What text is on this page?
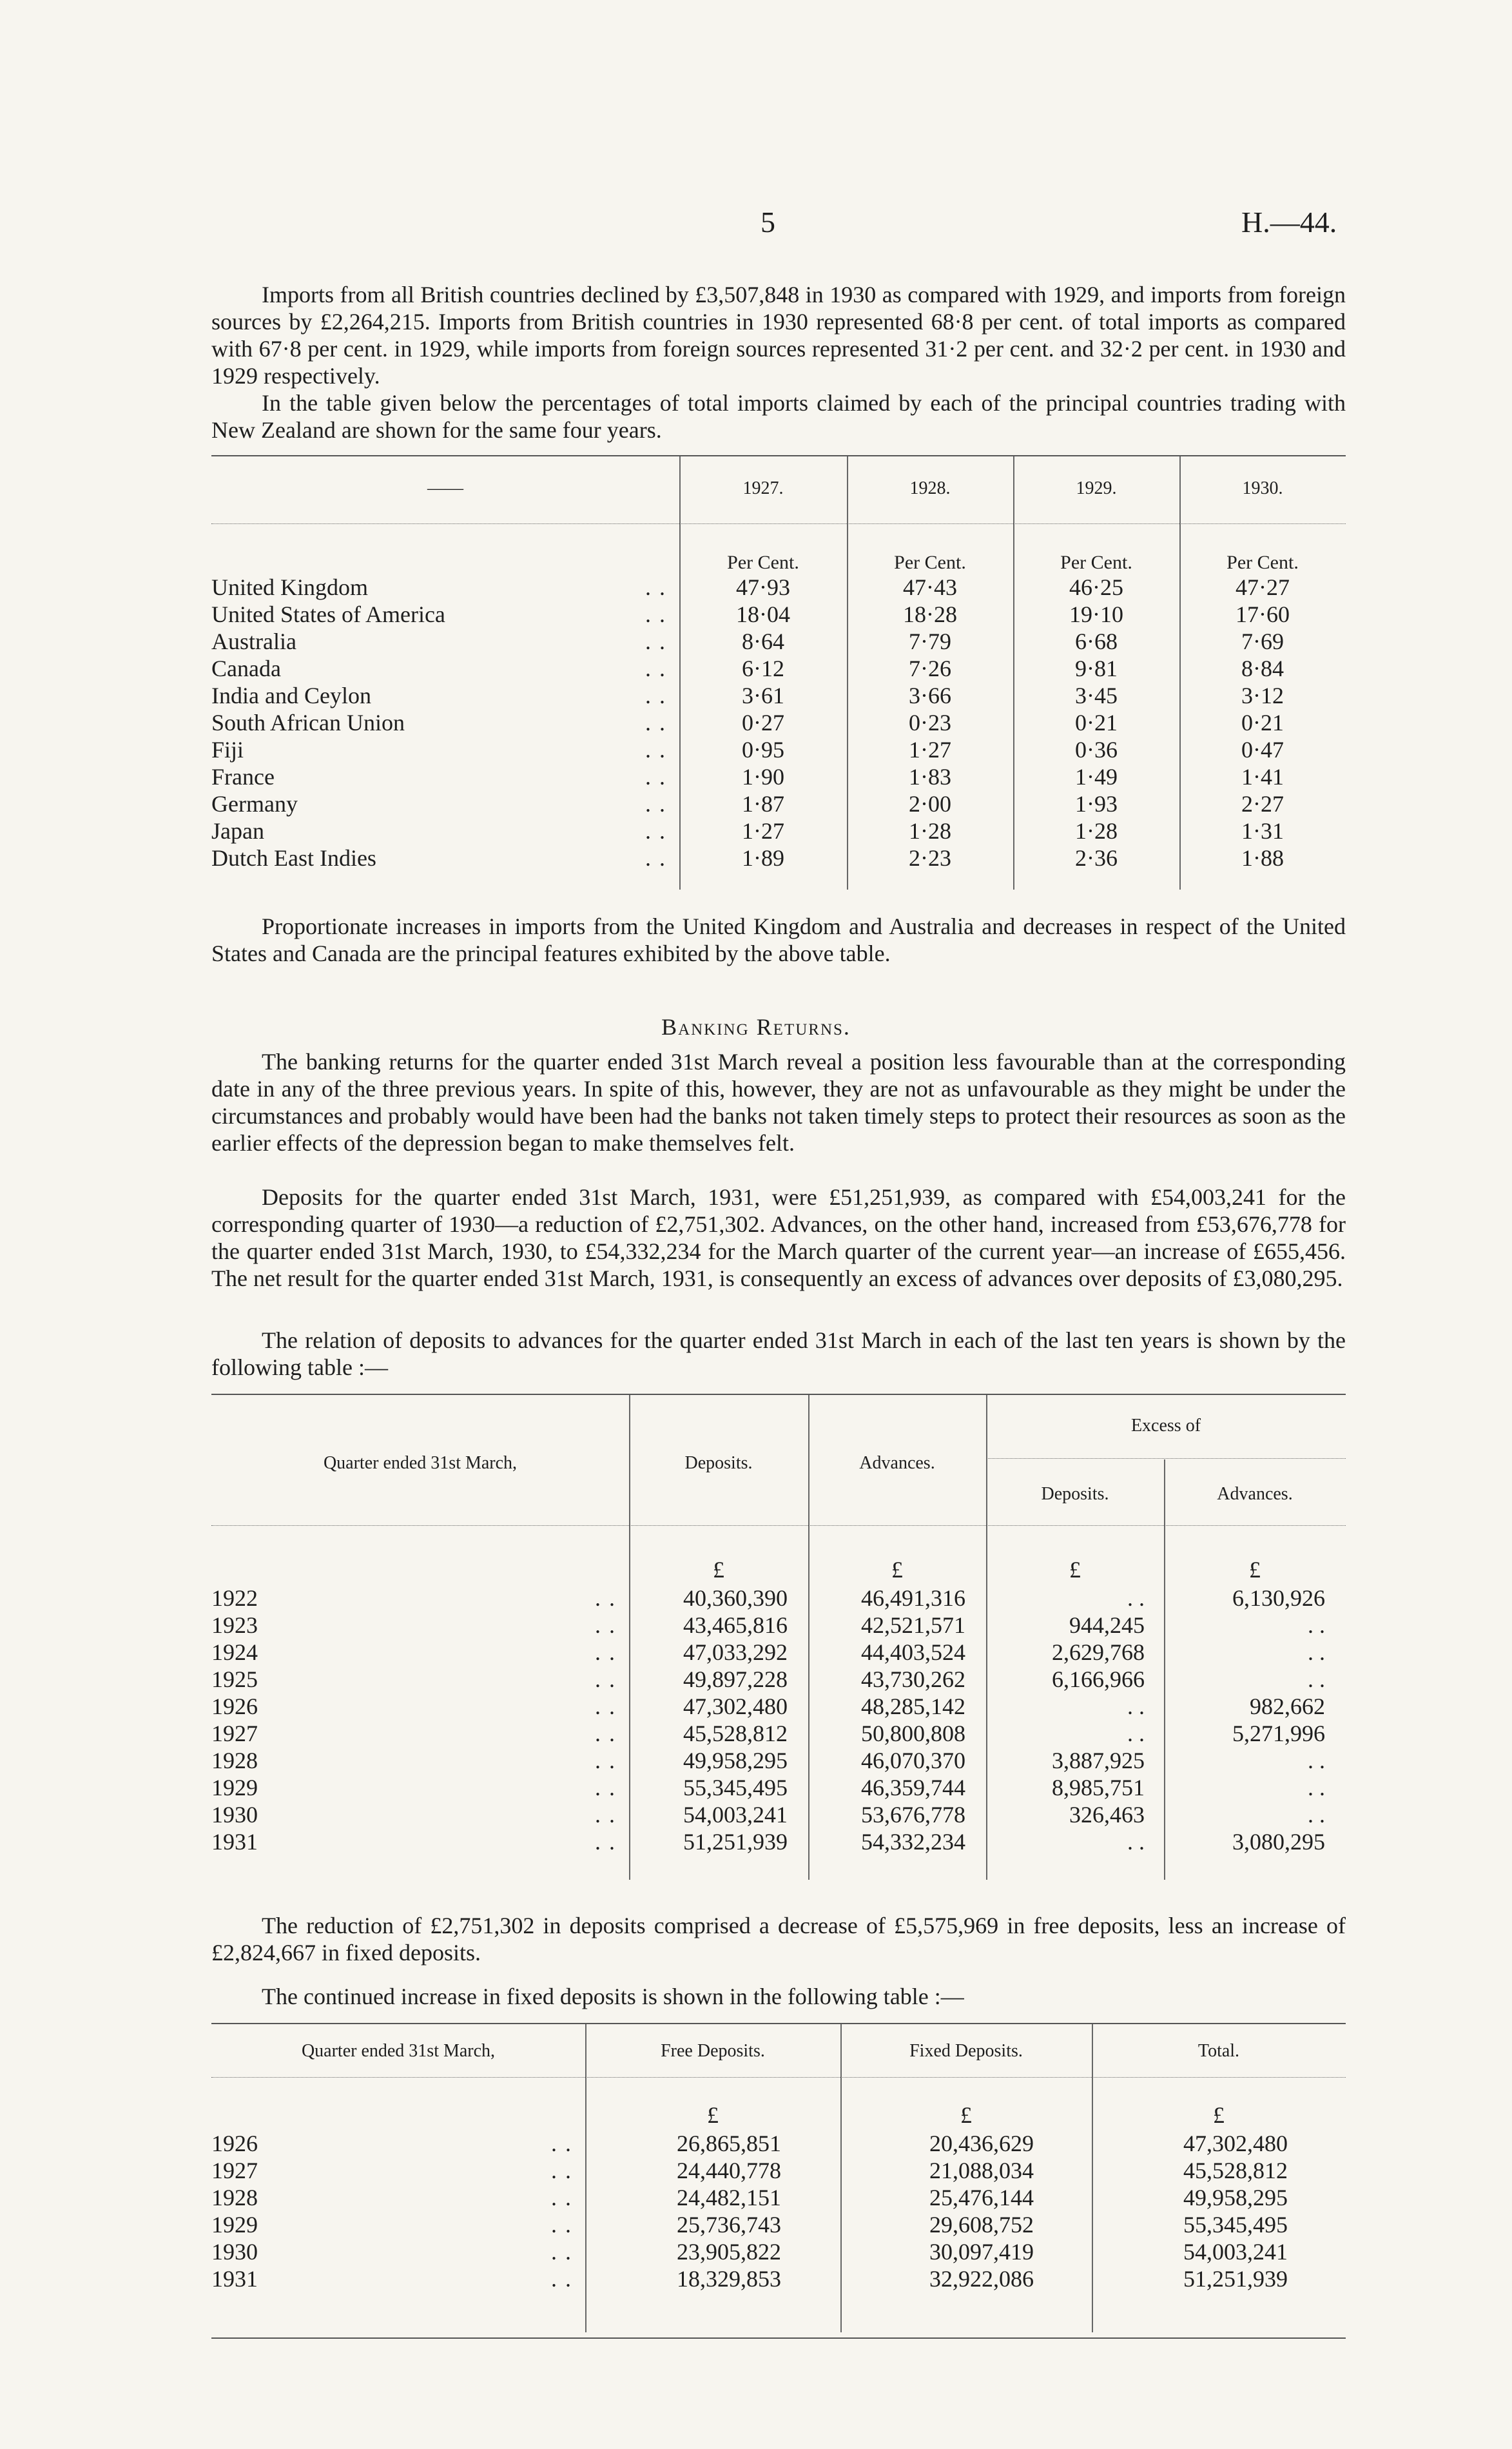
5	H.—44.

Imports from all British countries declined by £3,507,848 in 1930 as compared with 1929, and imports from foreign sources by £2,264,215. Imports from British countries in 1930 represented 68·8 per cent. of total imports as compared with 67·8 per cent. in 1929, while imports from foreign sources represented 31·2 per cent. and 32·2 per cent. in 1930 and 1929 respectively.

In the table given below the percentages of total imports claimed by each of the principal countries trading with New Zealand are shown for the same four years.

——	1927.	1928.	1929.	1930.
Per Cent.	Per Cent.	Per Cent.	Per Cent.
United Kingdom	. .	47·93	47·43	46·25	47·27
United States of America	. .	18·04	18·28	19·10	17·60
Australia	. .	8·64	7·79	6·68	7·69
Canada	. .	6·12	7·26	9·81	8·84
India and Ceylon	. .	3·61	3·66	3·45	3·12
South African Union	. .	0·27	0·23	0·21	0·21
Fiji	. .	0·95	1·27	0·36	0·47
France	. .	1·90	1·83	1·49	1·41
Germany	. .	1·87	2·00	1·93	2·27
Japan	. .	1·27	1·28	1·28	1·31
Dutch East Indies	. .	1·89	2·23	2·36	1·88

Proportionate increases in imports from the United Kingdom and Australia and decreases in respect of the United States and Canada are the principal features exhibited by the above table.

Banking Returns.

The banking returns for the quarter ended 31st March reveal a position less favourable than at the corresponding date in any of the three previous years. In spite of this, however, they are not as unfavourable as they might be under the circumstances and probably would have been had the banks not taken timely steps to protect their resources as soon as the earlier effects of the depression began to make themselves felt.

Deposits for the quarter ended 31st March, 1931, were £51,251,939, as compared with £54,003,241 for the corresponding quarter of 1930—a reduction of £2,751,302. Advances, on the other hand, increased from £53,676,778 for the quarter ended 31st March, 1930, to £54,332,234 for the March quarter of the current year—an increase of £655,456. The net result for the quarter ended 31st March, 1931, is consequently an excess of advances over deposits of £3,080,295.

The relation of deposits to advances for the quarter ended 31st March in each of the last ten years is shown by the following table :—

Quarter ended 31st March,	Deposits.	Advances.
Excess of
Deposits.	Advances.
£	£	£	£
1922	. .	40,360,390	46,491,316	. .	6,130,926
1923	. .	43,465,816	42,521,571	944,245	. .
1924	. .	47,033,292	44,403,524	2,629,768	. .
1925	. .	49,897,228	43,730,262	6,166,966	. .
1926	. .	47,302,480	48,285,142	. .	982,662
1927	. .	45,528,812	50,800,808	. .	5,271,996
1928	. .	49,958,295	46,070,370	3,887,925	. .
1929	. .	55,345,495	46,359,744	8,985,751	. .
1930	. .	54,003,241	53,676,778	326,463	. .
1931	. .	51,251,939	54,332,234	. .	3,080,295

The reduction of £2,751,302 in deposits comprised a decrease of £5,575,969 in free deposits, less an increase of £2,824,667 in fixed deposits.

The continued increase in fixed deposits is shown in the following table :—

Quarter ended 31st March,	Free Deposits.	Fixed Deposits.	Total.
£	£	£
1926	. .	26,865,851	20,436,629	47,302,480
1927	. .	24,440,778	21,088,034	45,528,812
1928	. .	24,482,151	25,476,144	49,958,295
1929	. .	25,736,743	29,608,752	55,345,495
1930	. .	23,905,822	30,097,419	54,003,241
1931	. .	18,329,853	32,922,086	51,251,939
